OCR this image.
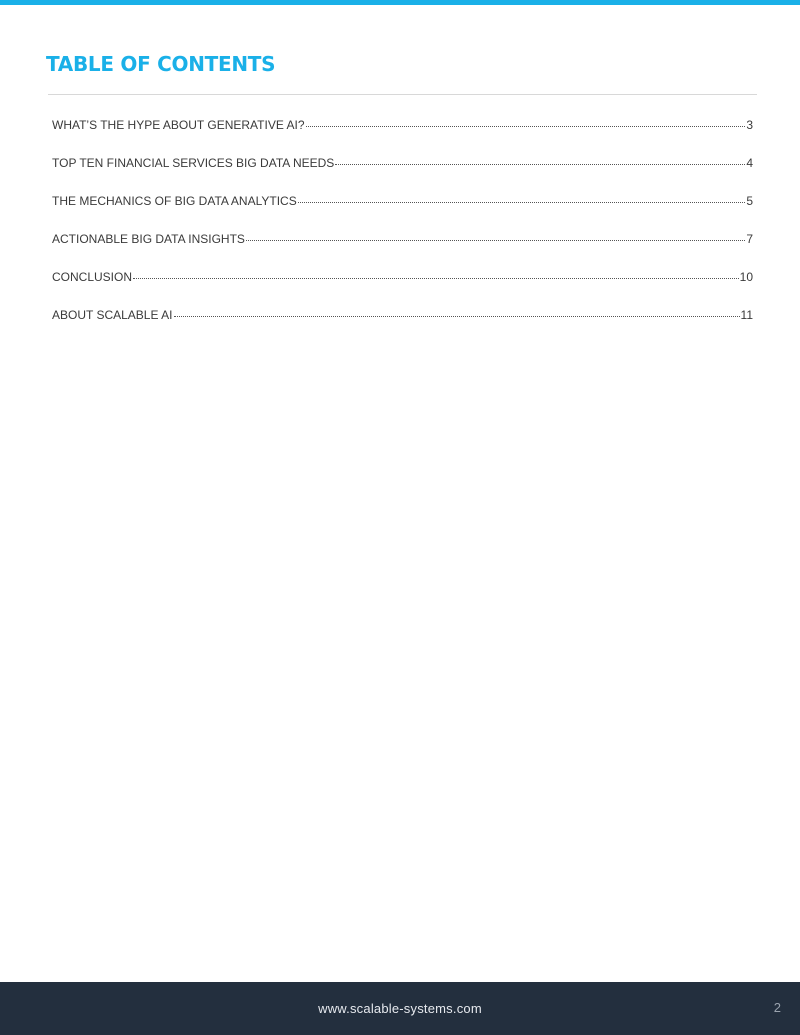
TABLE OF CONTENTS
WHAT’S THE HYPE ABOUT GENERATIVE AI?	3
TOP TEN FINANCIAL SERVICES BIG DATA NEEDS	4
THE MECHANICS OF BIG DATA ANALYTICS	5
ACTIONABLE BIG DATA INSIGHTS	7
CONCLUSION	10
ABOUT SCALABLE AI	11
www.scalable-systems.com	2
